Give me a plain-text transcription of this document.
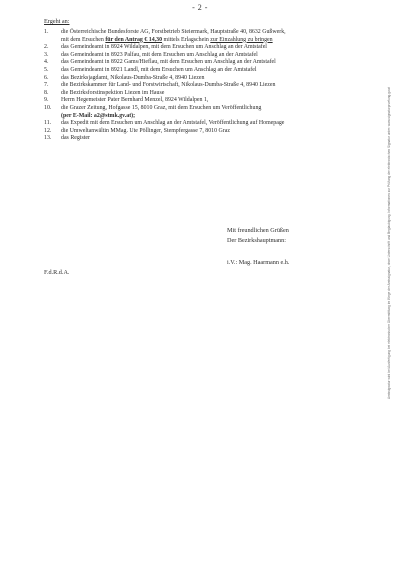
- 2 -
Ergeht an:
1. die Österreichische Bundesforste AG, Forstbetrieb Steiermark, Hauptstraße 40, 8632 Gußwerk,
mit dem Ersuchen für den Antrag € 14,30 mittels Erlagschein zur Einzahlung zu bringen
2. das Gemeindeamt in 8924 Wildalpen, mit dem Ersuchen um Anschlag an der Amtstafel
3. das Gemeindeamt in 8923 Palfau, mit dem Ersuchen um Anschlag an der Amtstafel
4. das Gemeindeamt in 8922 Gams/Hieflau, mit dem Ersuchen um Anschlag an der Amtstafel
5. das Gemeindeamt in 8921 Landl, mit dem Ersuchen um Anschlag an der Amtstafel
6. das Bezirksjagdamt, Nikolaus-Dumba-Straße 4, 8940 Liezen
7. die Bezirkskammer für Land- und Forstwirtschaft, Nikolaus-Dumba-Straße 4, 8940 Liezen
8. die Bezirksforstinspektion Liezen im Hause
9. Herrn Hegemeister Pater Bernhard Menzel, 8924 Wildalpen 1,
10. die Grazer Zeitung, Hofgasse 15, 8010 Graz, mit dem Ersuchen um Veröffentlichung
(per E-Mail: a2@stmk.gv.at);
11. das Expedit mit dem Ersuchen um Anschlag an der Amtstafel, Veröffentlichung auf Homepage
12. die Umweltanwältin MMag. Ute Pöllinger, Stempfergasse 7, 8010 Graz
13. das Register
Mit freundlichen Grüßen
Der Bezirkshauptmann:
i.V.: Mag. Haarmann e.h.
F.d.R.d.A.	Amtssignatur wird bei Ausfertigung bei elektronischer Übermittlung im Wege der Amtssignatur, ohne Unterschrift und Beglaubigung. Informationen zur Prüfung der elektronischen Signatur unter: www.signaturpruefung.gv.at
